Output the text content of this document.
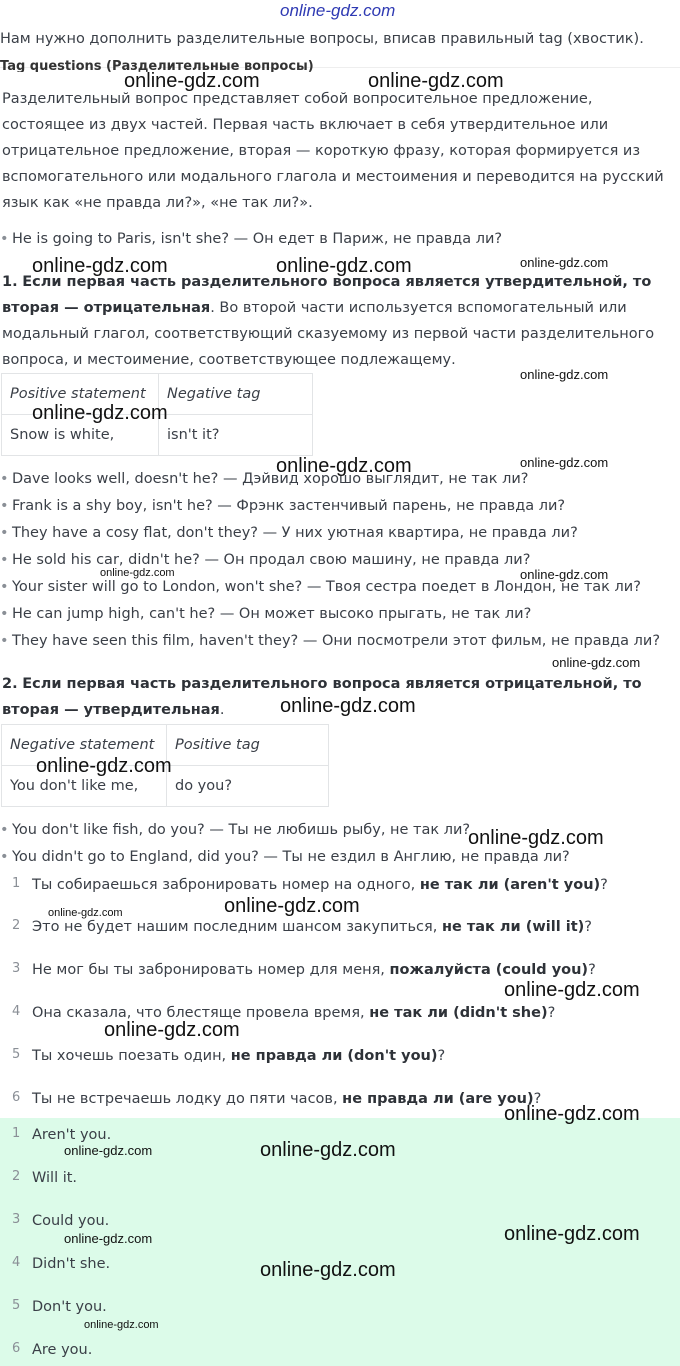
online-gdz.com
Нам нужно дополнить разделительные вопросы, вписав правильный tag (хвостик).
Tag questions (Разделительные вопросы)
Разделительный вопрос представляет собой вопросительное предложение, состоящее из двух частей. Первая часть включает в себя утвердительное или отрицательное предложение, вторая — короткую фразу, которая формируется из вспомогательного или модального глагола и местоимения и переводится на русский язык как «не правда ли?», «не так ли?».
• He is going to Paris, isn't she? — Он едет в Париж, не правда ли?
1. Если первая часть разделительного вопроса является утвердительной, то вторая — отрицательная. Во второй части используется вспомогательный или модальный глагол, соответствующий сказуемому из первой части разделительного вопроса, и местоимение, соответствующее подлежащему.
Positive statement	Negative tag
Snow is white,	isn't it?
• Dave looks well, doesn't he? — Дэйвид хорошо выглядит, не так ли?
• Frank is a shy boy, isn't he? — Фрэнк застенчивый парень, не правда ли?
• They have a cosy flat, don't they? — У них уютная квартира, не правда ли?
• He sold his car, didn't he? — Он продал свою машину, не правда ли?
• Your sister will go to London, won't she? — Твоя сестра поедет в Лондон, не так ли?
• He can jump high, can't he? — Он может высоко прыгать, не так ли?
• They have seen this film, haven't they? — Они посмотрели этот фильм, не правда ли?
2. Если первая часть разделительного вопроса является отрицательной, то вторая — утвердительная.
Negative statement	Positive tag
You don't like me,	do you?
• You don't like fish, do you? — Ты не любишь рыбу, не так ли?
• You didn't go to England, did you? — Ты не ездил в Англию, не правда ли?
1 Ты собираешься забронировать номер на одного, не так ли (aren't you)?
2 Это не будет нашим последним шансом закупиться, не так ли (will it)?
3 Не мог бы ты забронировать номер для меня, пожалуйста (could you)?
4 Она сказала, что блестяще провела время, не так ли (didn't she)?
5 Ты хочешь поезать один, не правда ли (don't you)?
6 Ты не встречаешь лодку до пяти часов, не правда ли (are you)?
1 Aren't you.
2 Will it.
3 Could you.
4 Didn't she.
5 Don't you.
6 Are you.
online-gdz.com	online-gdz.com
online-gdz.com	online-gdz.com	online-gdz.com
online-gdz.com
online-gdz.com
online-gdz.com	online-gdz.com
online-gdz.com	online-gdz.com
online-gdz.com
online-gdz.com
online-gdz.com
online-gdz.com
online-gdz.com	online-gdz.com
online-gdz.com
online-gdz.com
online-gdz.com
online-gdz.com	online-gdz.com
online-gdz.com
online-gdz.com
online-gdz.com
online-gdz.com
